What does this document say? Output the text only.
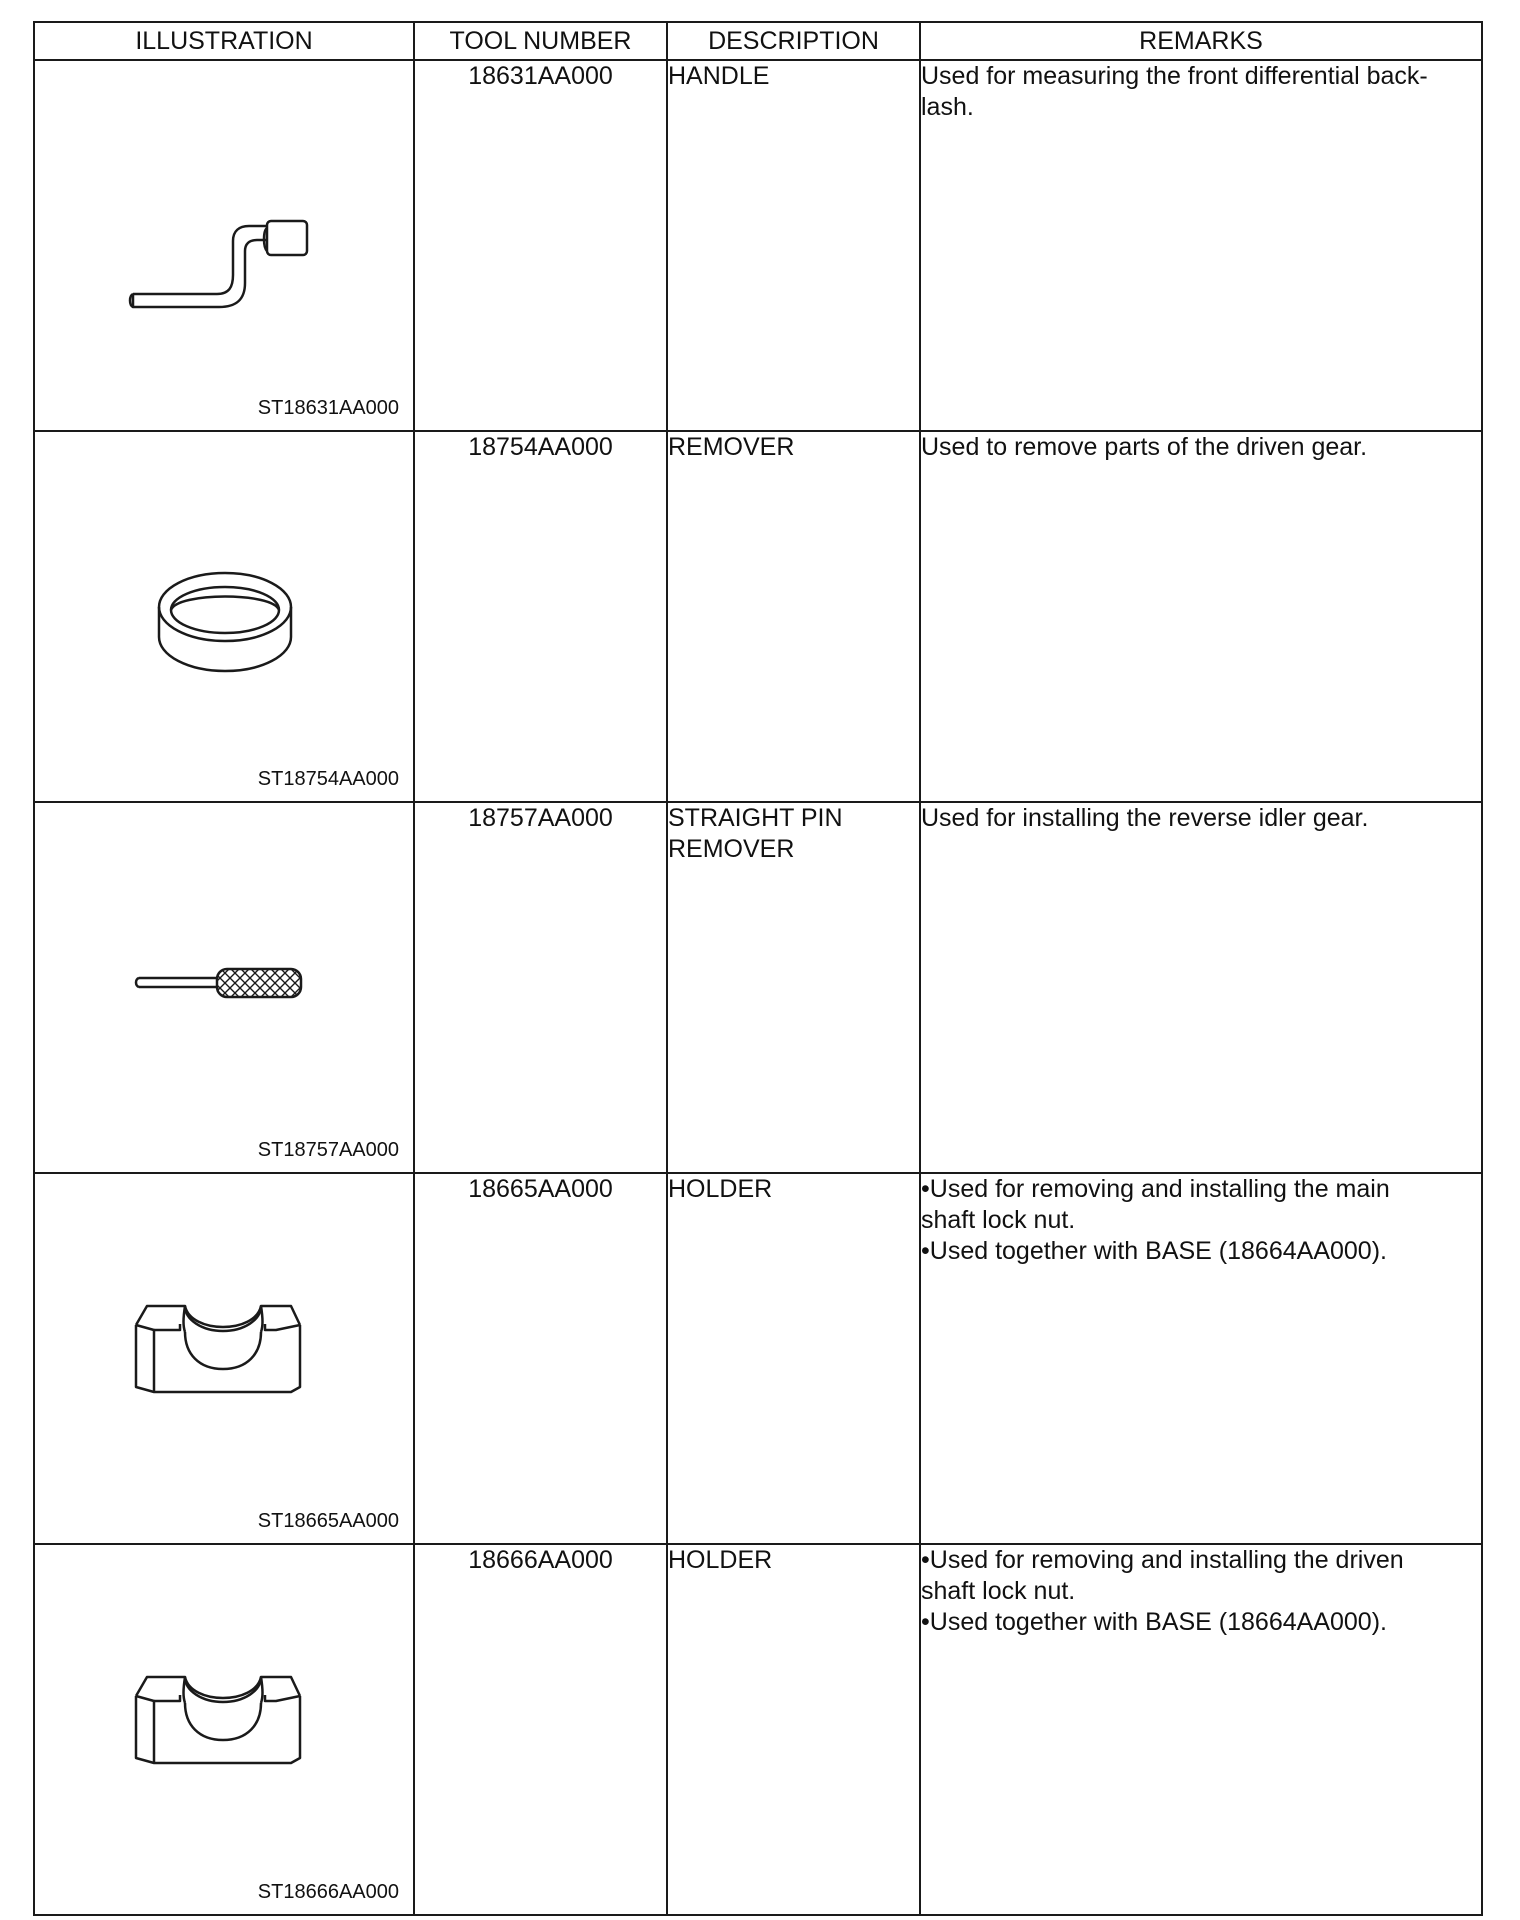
ILLUSTRATION	TOOL NUMBER	DESCRIPTION	REMARKS

ST18631AA000	18631AA000	HANDLE	Used for measuring the front differential back-
lash.

ST18754AA000	18754AA000	REMOVER	Used to remove parts of the driven gear.

ST18757AA000	18757AA000	STRAIGHT PIN
REMOVER	Used for installing the reverse idler gear.

ST18665AA000	18665AA000	HOLDER	•Used for removing and installing the main
shaft lock nut.
•Used together with BASE (18664AA000).

ST18666AA000	18666AA000	HOLDER	•Used for removing and installing the driven
shaft lock nut.
•Used together with BASE (18664AA000).
